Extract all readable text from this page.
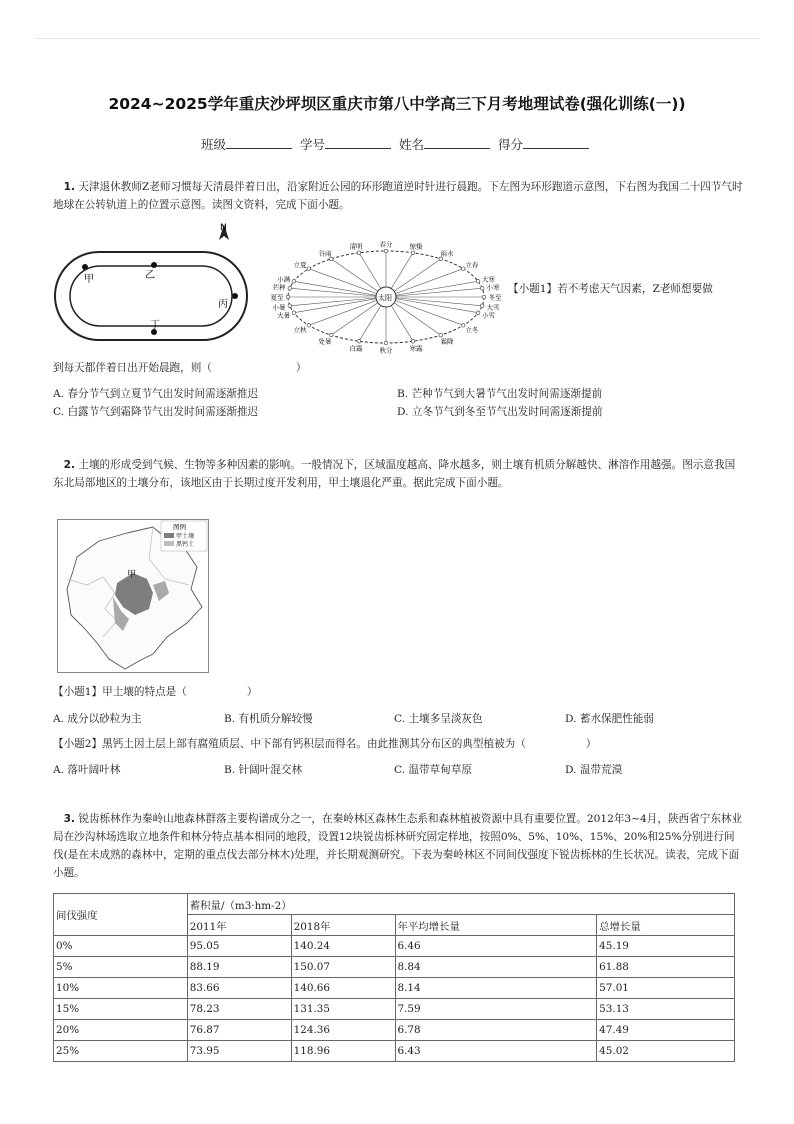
2024~2025学年重庆沙坪坝区重庆市第八中学高三下月考地理试卷(强化训练(一))
班级	学号	姓名	得分
1. 天津退休教师Z老师习惯每天清晨伴着日出，沿家附近公园的环形跑道逆时针进行晨跑。下左图为环形跑道示意图，下右图为我国二十四节气时地球在公转轨道上的位置示意图。读图文资料，完成下面小题。
N
甲	乙
丙
丁
太阳
小满
立夏
谷雨
清明	春分	惊蛰
雨水
立春
大寒
小寒
冬至
大雪
芒种
夏至
小暑
大暑
立秋
处暑
白露	秋分	寒露
霜降
立冬
小雪
【小题1】若不考虑天气因素，Z老师想要做
到每天都伴着日出开始晨跑，则（	）
A. 春分节气到立夏节气出发时间需逐渐推迟	B. 芒种节气到大暑节气出发时间需逐渐提前
C. 白露节气到霜降节气出发时间需逐渐推迟	D. 立冬节气到冬至节气出发时间需逐渐提前
2. 土壤的形成受到气候、生物等多种因素的影响。一般情况下，区域温度越高、降水越多，则土壤有机质分解越快、淋溶作用越强。图示意我国东北局部地区的土壤分布，该地区由于长期过度开发利用，甲土壤退化严重。据此完成下面小题。
甲
图例
甲土壤
黑钙土
【小题1】甲土壤的特点是（	）
A. 成分以砂粒为主	B. 有机质分解较慢	C. 土壤多呈淡灰色	D. 蓄水保肥性能弱
【小题2】黑钙土因土层上部有腐殖质层、中下部有钙积层而得名。由此推测其分布区的典型植被为（	）
A. 落叶阔叶林	B. 针阔叶混交林	C. 温带草甸草原	D. 温带荒漠
3. 锐齿栎林作为秦岭山地森林群落主要构谱成分之一，在秦岭林区森林生态系和森林植被资源中具有重要位置。2012年3~4月，陕西省宁东林业局在沙沟林场选取立地条件和林分特点基本相同的地段，设置12块锐齿栎林研究固定样地，按照0%、5%、10%、15%、20%和25%分别进行间伐(是在未成熟的森林中，定期的重点伐去部分林木)处理，并长期观测研究。下表为秦岭林区不同间伐强度下锐齿栎林的生长状况。读表，完成下面小题。
间伐强度	蓄积量/（m3·hm-2）			
	2011年	2018年	年平均增长量	总增长量
0%	95.05	140.24	6.46	45.19
5%	88.19	150.07	8.84	61.88
10%	83.66	140.66	8.14	57.01
15%	78.23	131.35	7.59	53.13
20%	76.87	124.36	6.78	47.49
25%	73.95	118.96	6.43	45.02
